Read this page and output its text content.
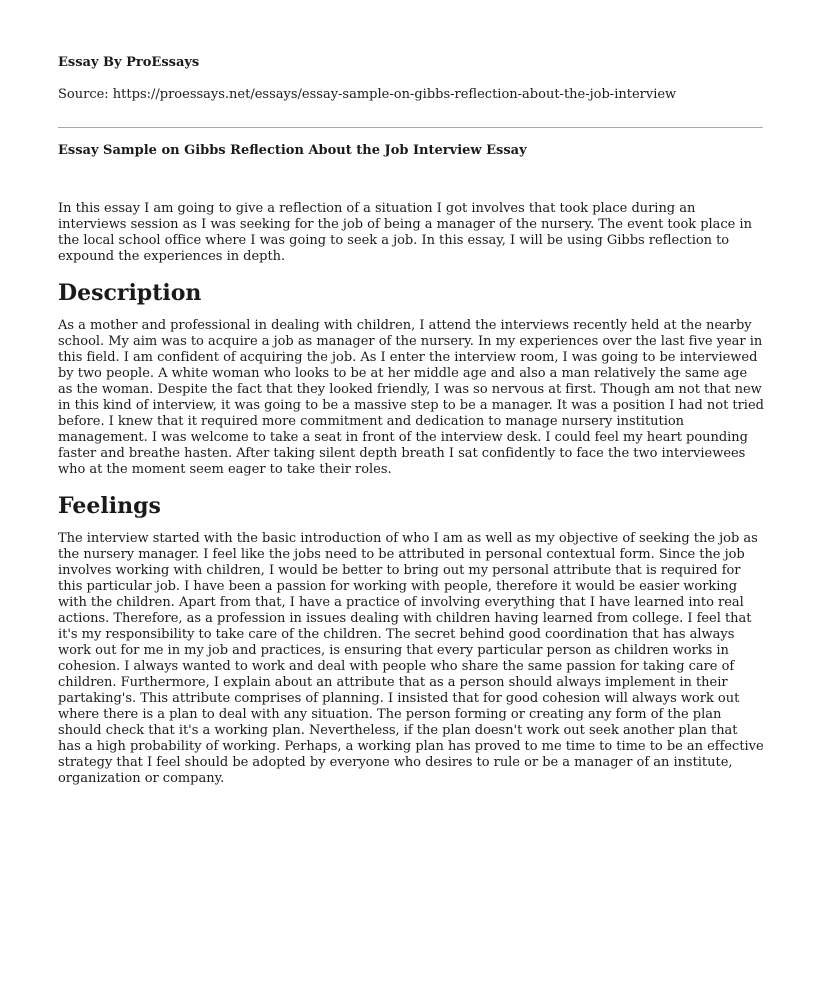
Essay By ProEssays
Source: https://proessays.net/essays/essay-sample-on-gibbs-reflection-about-the-job-interview
Essay Sample on Gibbs Reflection About the Job Interview Essay

In this essay I am going to give a reflection of a situation I got involves that took place during an interviews session as I was seeking for the job of being a manager of the nursery. The event took place in the local school office where I was going to seek a job. In this essay, I will be using Gibbs reflection to expound the experiences in depth.

Description

As a mother and professional in dealing with children, I attend the interviews recently held at the nearby school. My aim was to acquire a job as manager of the nursery. In my experiences over the last five year in this field. I am confident of acquiring the job. As I enter the interview room, I was going to be interviewed by two people. A white woman who looks to be at her middle age and also a man relatively the same age as the woman. Despite the fact that they looked friendly, I was so nervous at first. Though am not that new in this kind of interview, it was going to be a massive step to be a manager. It was a position I had not tried before. I knew that it required more commitment and dedication to manage nursery institution management. I was welcome to take a seat in front of the interview desk. I could feel my heart pounding faster and breathe hasten. After taking silent depth breath I sat confidently to face the two interviewees who at the moment seem eager to take their roles.

Feelings

The interview started with the basic introduction of who I am as well as my objective of seeking the job as the nursery manager. I feel like the jobs need to be attributed in personal contextual form. Since the job involves working with children, I would be better to bring out my personal attribute that is required for this particular job. I have been a passion for working with people, therefore it would be easier working with the children. Apart from that, I have a practice of involving everything that I have learned into real actions. Therefore, as a profession in issues dealing with children having learned from college. I feel that it's my responsibility to take care of the children. The secret behind good coordination that has always work out for me in my job and practices, is ensuring that every particular person as children works in cohesion. I always wanted to work and deal with people who share the same passion for taking care of children. Furthermore, I explain about an attribute that as a person should always implement in their partaking's. This attribute comprises of planning. I insisted that for good cohesion will always work out where there is a plan to deal with any situation. The person forming or creating any form of the plan should check that it's a working plan. Nevertheless, if the plan doesn't work out seek another plan that has a high probability of working. Perhaps, a working plan has proved to me time to time to be an effective strategy that I feel should be adopted by everyone who desires to rule or be a manager of an institute, organization or company.
